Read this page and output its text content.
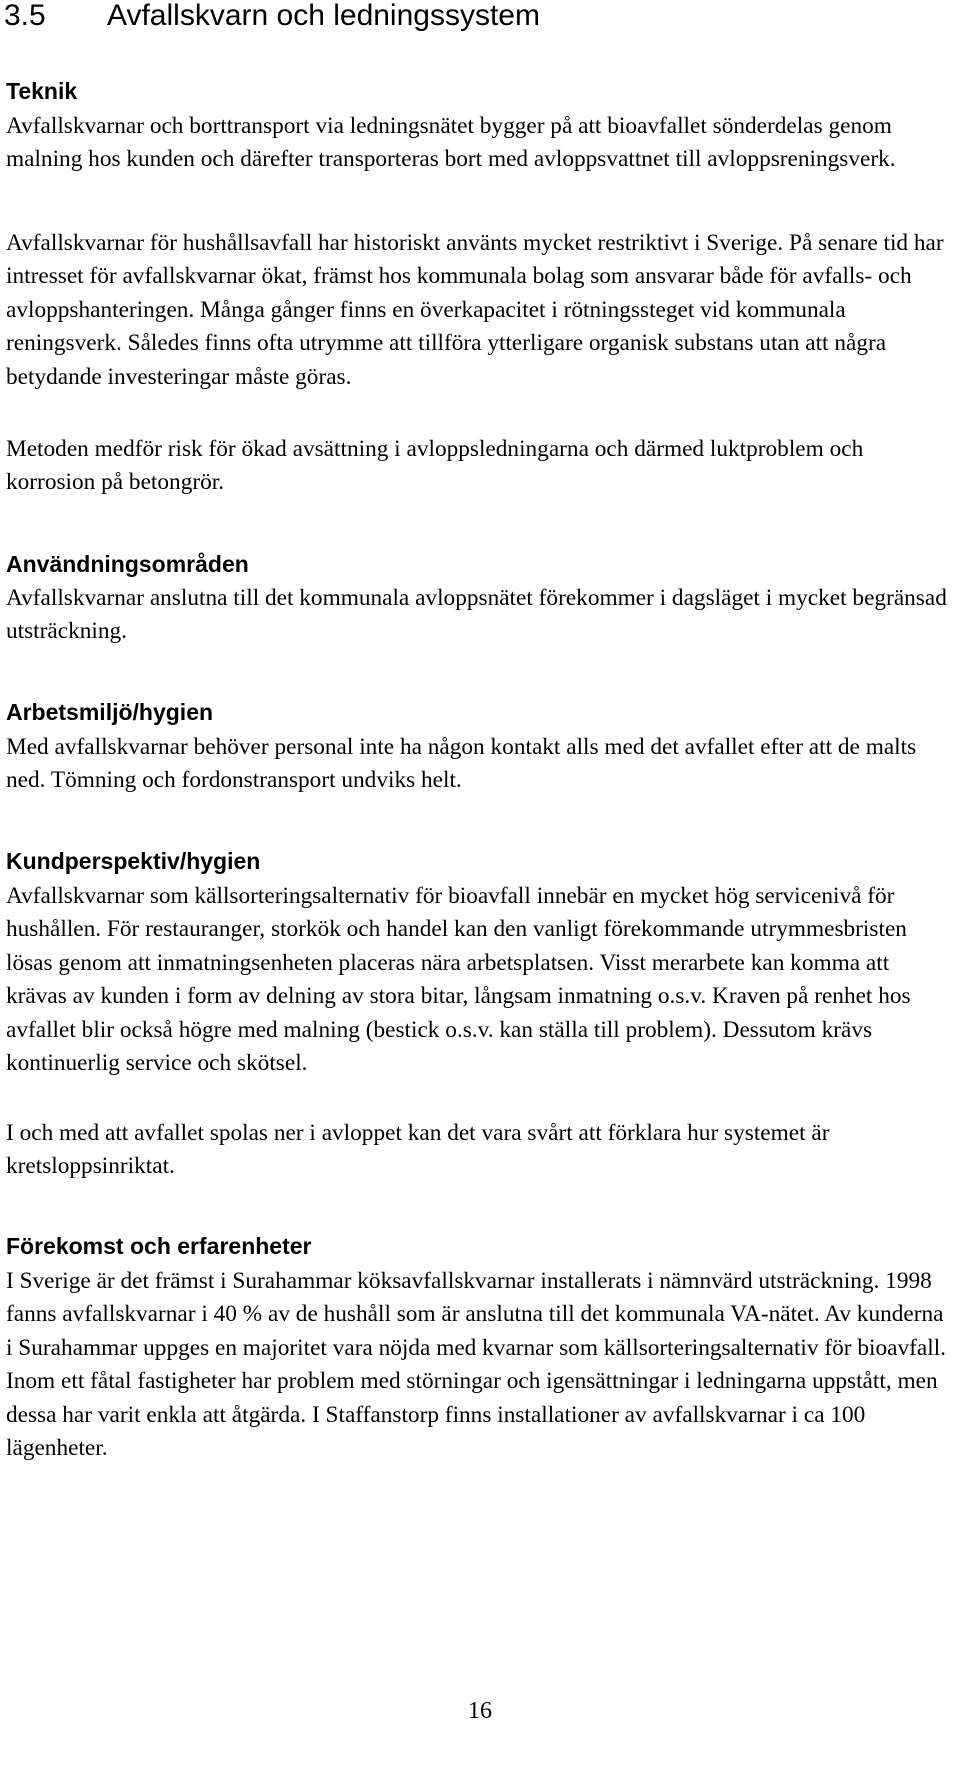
3.5 Avfallskvarn och ledningssystem
Teknik

Avfallskvarnar och borttransport via ledningsnätet bygger på att bioavfallet sönderdelas genom malning hos kunden och därefter transporteras bort med avloppsvattnet till avloppsreningsverk.

Avfallskvarnar för hushållsavfall har historiskt använts mycket restriktivt i Sverige. På senare tid har intresset för avfallskvarnar ökat, främst hos kommunala bolag som ansvarar både för avfalls- och avloppshanteringen. Många gånger finns en överkapacitet i rötningssteget vid kommunala reningsverk. Således finns ofta utrymme att tillföra ytterligare organisk substans utan att några betydande investeringar måste göras.

Metoden medför risk för ökad avsättning i avloppsledningarna och därmed luktproblem och korrosion på betongrör.

Användningsområden

Avfallskvarnar anslutna till det kommunala avloppsnätet förekommer i dagsläget i mycket begränsad utsträckning.

Arbetsmiljö/hygien

Med avfallskvarnar behöver personal inte ha någon kontakt alls med det avfallet efter att de malts ned. Tömning och fordonstransport undviks helt.

Kundperspektiv/hygien

Avfallskvarnar som källsorteringsalternativ för bioavfall innebär en mycket hög servicenivå för hushållen. För restauranger, storkök och handel kan den vanligt förekommande utrymmesbristen lösas genom att inmatningsenheten placeras nära arbetsplatsen. Visst merarbete kan komma att krävas av kunden i form av delning av stora bitar, långsam inmatning o.s.v. Kraven på renhet hos avfallet blir också högre med malning (bestick o.s.v. kan ställa till problem). Dessutom krävs kontinuerlig service och skötsel.

I och med att avfallet spolas ner i avloppet kan det vara svårt att förklara hur systemet är kretsloppsinriktat.

Förekomst och erfarenheter

I Sverige är det främst i Surahammar köksavfallskvarnar installerats i nämnvärd utsträckning. 1998 fanns avfallskvarnar i 40 % av de hushåll som är anslutna till det kommunala VA-nätet. Av kunderna i Surahammar uppges en majoritet vara nöjda med kvarnar som källsorteringsalternativ för bioavfall. Inom ett fåtal fastigheter har problem med störningar och igensättningar i ledningarna uppstått, men dessa har varit enkla att åtgärda. I Staffanstorp finns installationer av avfallskvarnar i ca 100 lägenheter.

16
